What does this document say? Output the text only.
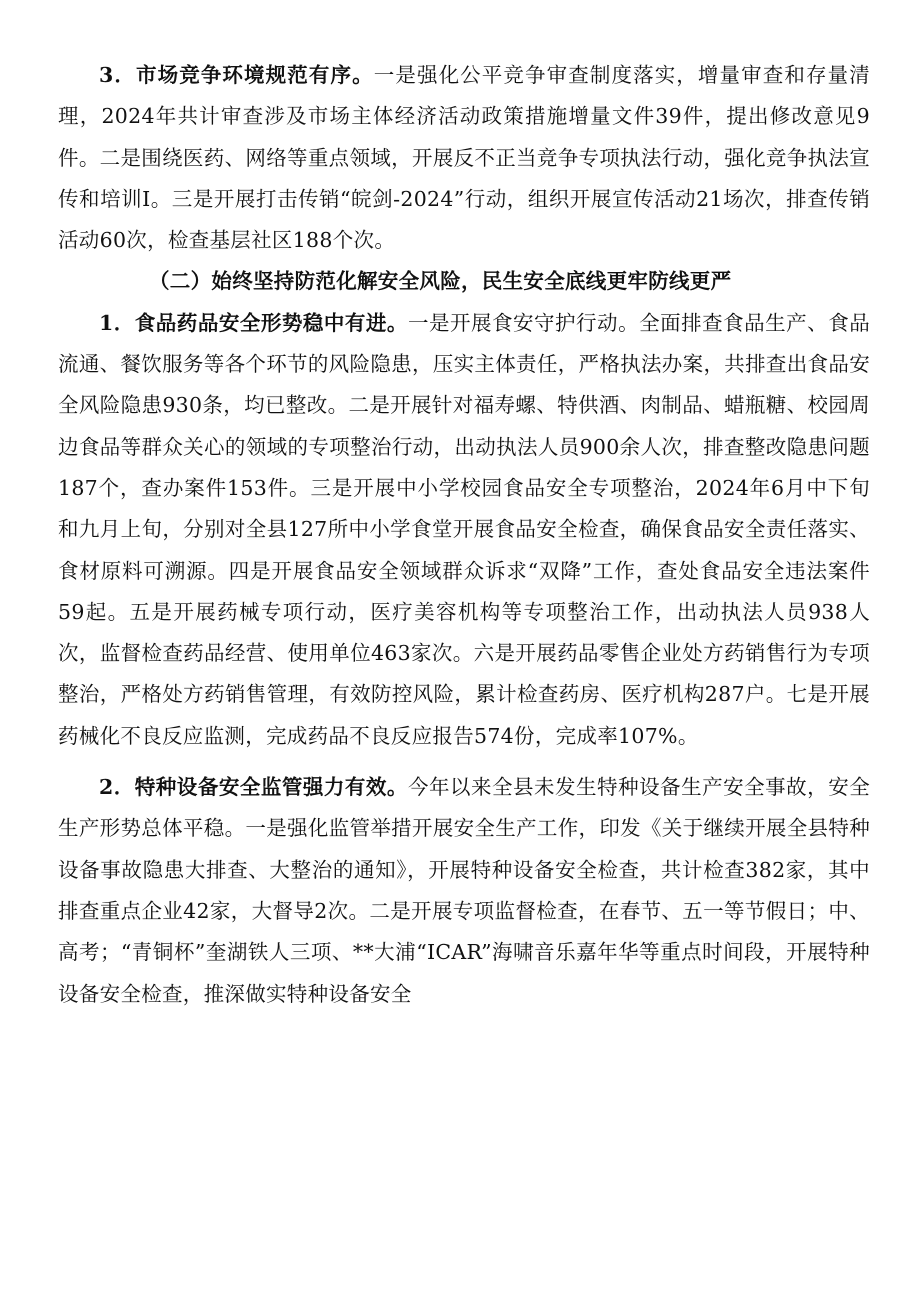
3．市场竞争环境规范有序。一是强化公平竞争审查制度落实，增量审查和存量清理，2024年共计审查涉及市场主体经济活动政策措施增量文件39件，提出修改意见9件。二是围绕医药、网络等重点领域，开展反不正当竞争专项执法行动，强化竞争执法宣传和培训I。三是开展打击传销“皖剑-2024”行动，组织开展宣传活动21场次，排查传销活动60次，检查基层社区188个次。

（二）始终坚持防范化解安全风险，民生安全底线更牢防线更严

1．食品药品安全形势稳中有进。一是开展食安守护行动。全面排查食品生产、食品流通、餐饮服务等各个环节的风险隐患，压实主体责任，严格执法办案，共排查出食品安全风险隐患930条，均已整改。二是开展针对福寿螺、特供酒、肉制品、蜡瓶糖、校园周边食品等群众关心的领域的专项整治行动，出动执法人员900余人次，排查整改隐患问题187个，查办案件153件。三是开展中小学校园食品安全专项整治，2024年6月中下旬和九月上旬，分别对全县127所中小学食堂开展食品安全检查，确保食品安全责任落实、食材原料可溯源。四是开展食品安全领域群众诉求“双降”工作，查处食品安全违法案件59起。五是开展药械专项行动，医疗美容机构等专项整治工作，出动执法人员938人次，监督检查药品经营、使用单位463家次。六是开展药品零售企业处方药销售行为专项整治，严格处方药销售管理，有效防控风险，累计检查药房、医疗机构287户。七是开展药械化不良反应监测，完成药品不良反应报告574份，完成率107%。

2．特种设备安全监管强力有效。今年以来全县未发生特种设备生产安全事故，安全生产形势总体平稳。一是强化监管举措开展安全生产工作，印发《关于继续开展全县特种设备事故隐患大排查、大整治的通知》，开展特种设备安全检查，共计检查382家，其中排查重点企业42家，大督导2次。二是开展专项监督检查，在春节、五一等节假日；中、高考；“青铜杯”奎湖铁人三项、**大浦“ICAR”海啸音乐嘉年华等重点时间段，开展特种设备安全检查，推深做实特种设备安全
